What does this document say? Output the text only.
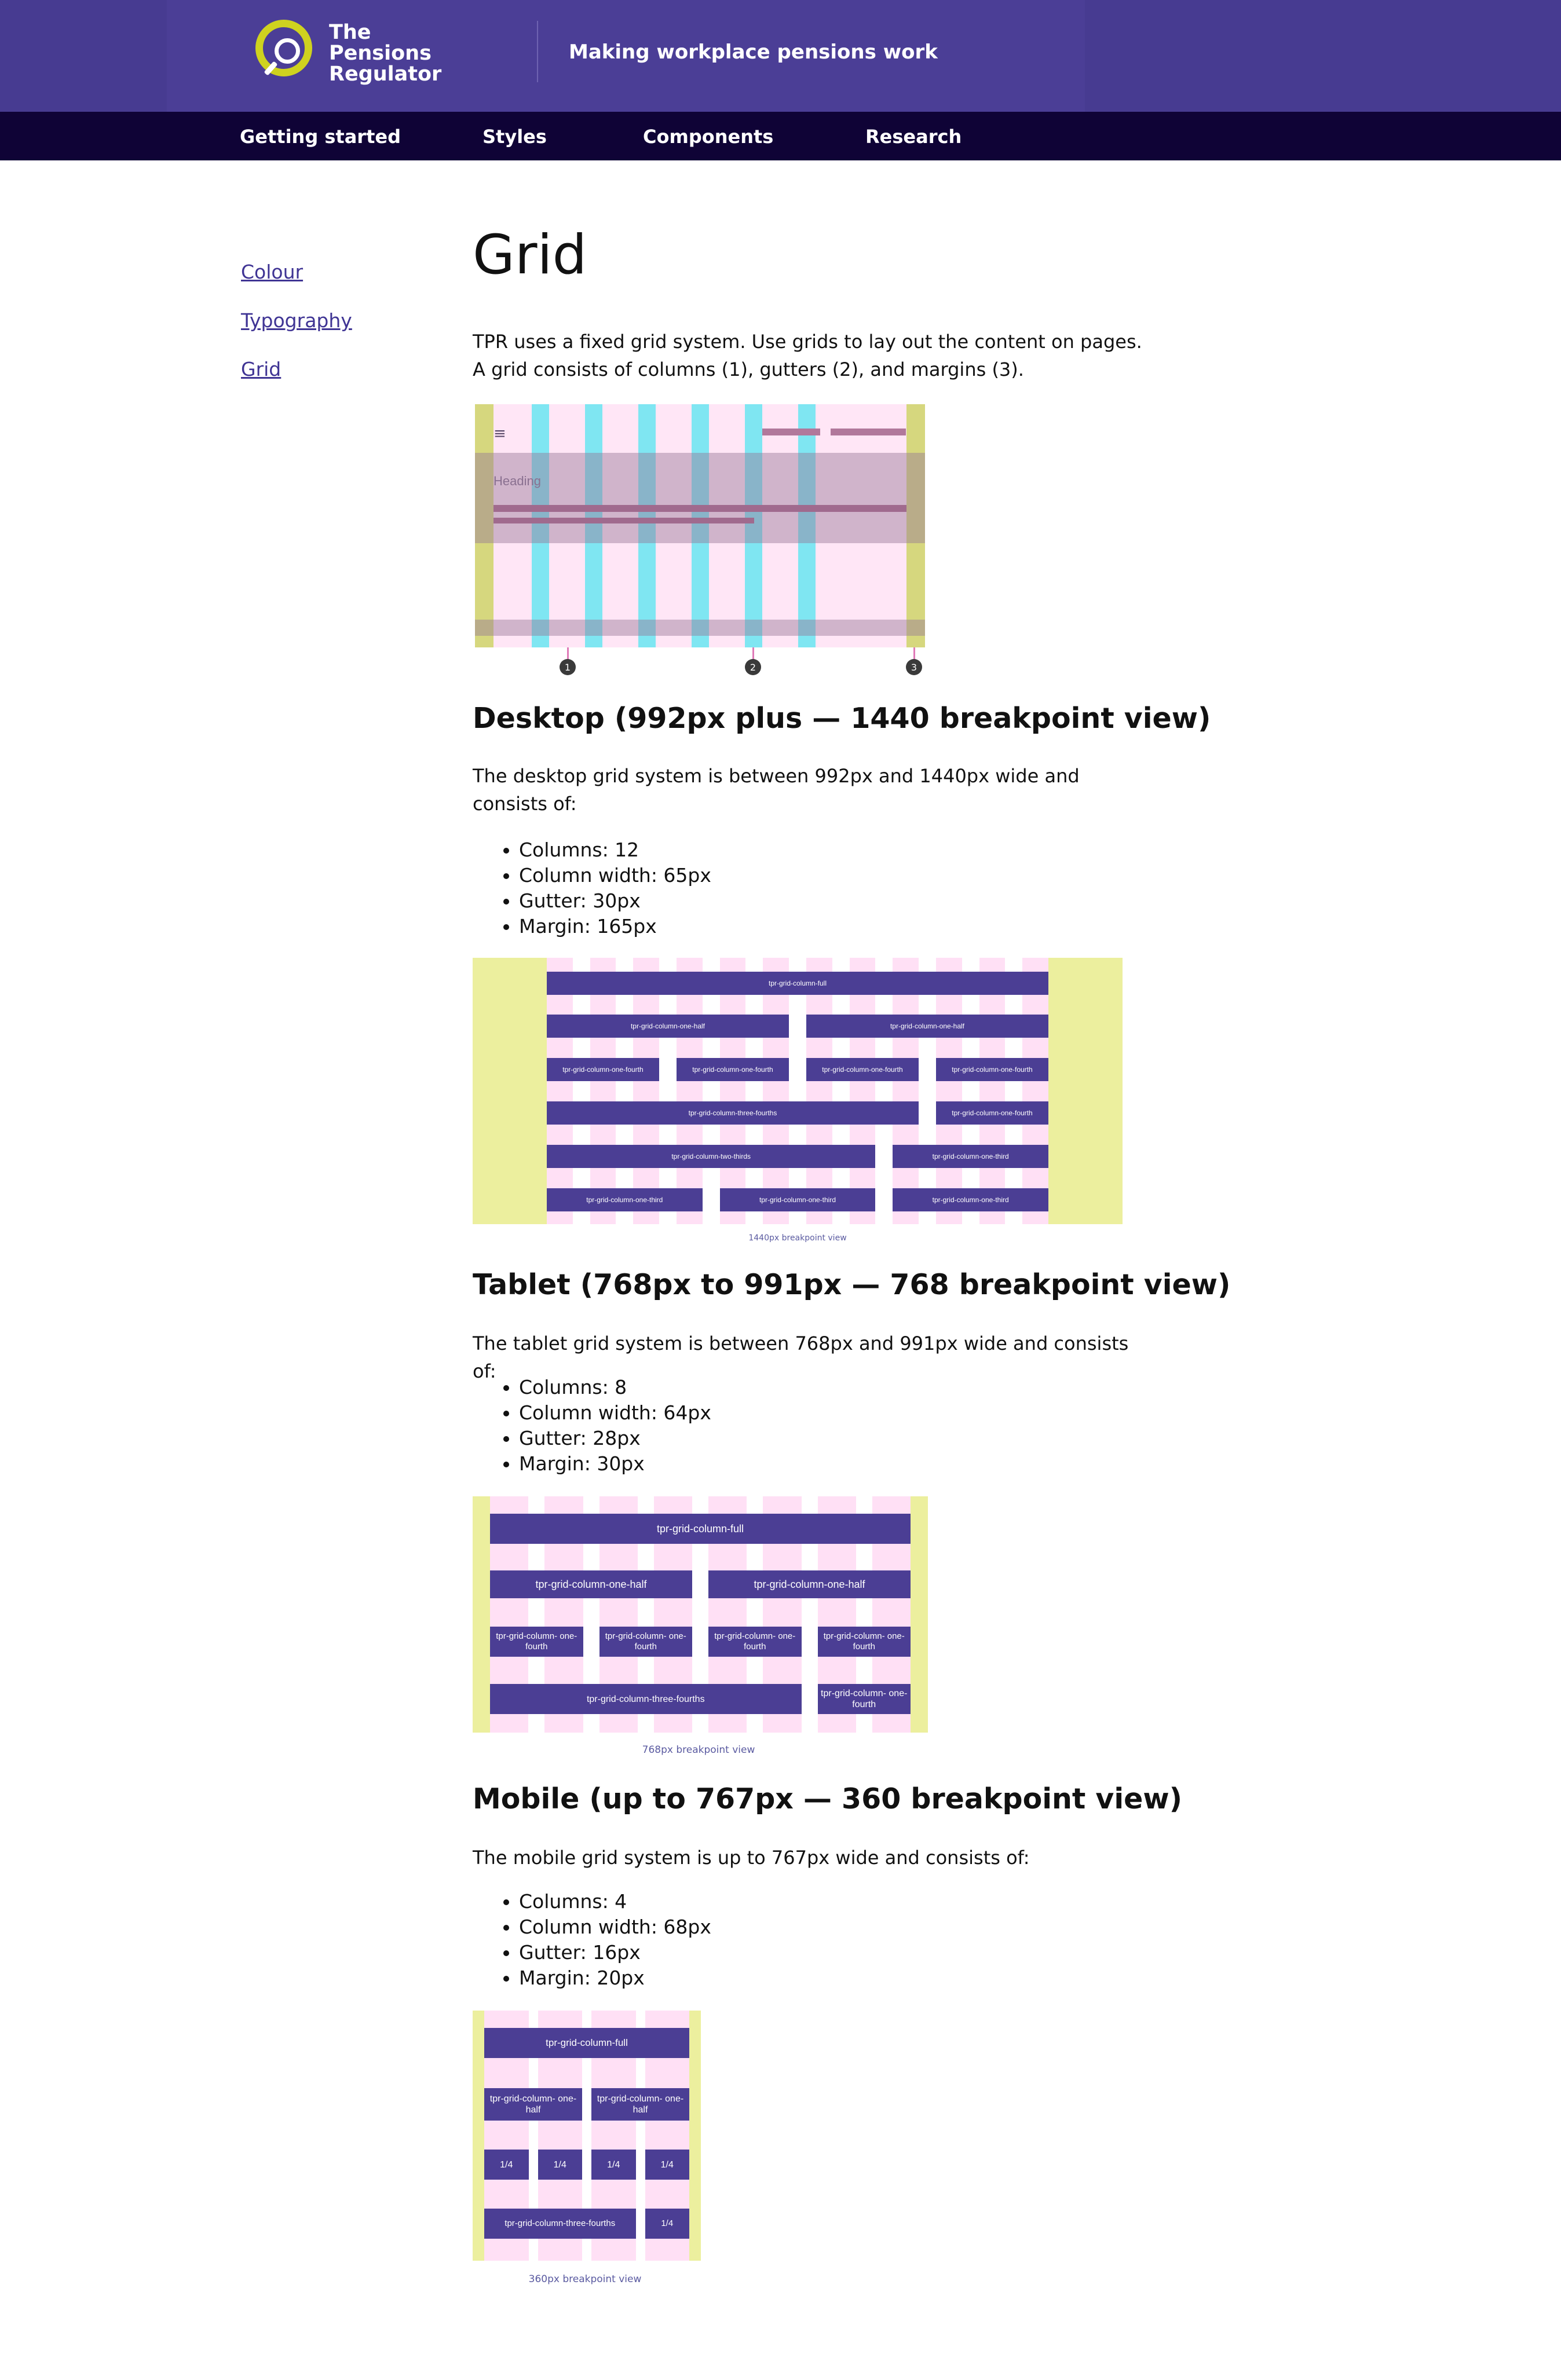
The
Pensions
Regulator
Making workplace pensions work
Getting started	Styles	Components	Research
Colour
Typography
Grid
Grid
TPR uses a fixed grid system. Use grids to lay out the content on pages. A grid consists of columns (1), gutters (2), and margins (3).
≡
Heading
1	2	3
Desktop (992px plus — 1440 breakpoint view)
The desktop grid system is between 992px and 1440px wide and consists of:
• Columns: 12
• Column width: 65px
• Gutter: 30px
• Margin: 165px
tpr-grid-column-full
tpr-grid-column-one-half	tpr-grid-column-one-half
tpr-grid-column-one-fourth	tpr-grid-column-one-fourth	tpr-grid-column-one-fourth	tpr-grid-column-one-fourth
tpr-grid-column-three-fourths	tpr-grid-column-one-fourth
tpr-grid-column-two-thirds	tpr-grid-column-one-third
tpr-grid-column-one-third	tpr-grid-column-one-third	tpr-grid-column-one-third
1440px breakpoint view
Tablet (768px to 991px — 768 breakpoint view)
The tablet grid system is between 768px and 991px wide and consists of:
• Columns: 8
• Column width: 64px
• Gutter: 28px
• Margin: 30px
tpr-grid-column-full
tpr-grid-column-one-half	tpr-grid-column-one-half
tpr-grid-column- one-fourth
tpr-grid-column- one-fourth
tpr-grid-column- one-fourth
tpr-grid-column- one-fourth
tpr-grid-column-three-fourths
tpr-grid-column- one-fourth
768px breakpoint view
Mobile (up to 767px — 360 breakpoint view)
The mobile grid system is up to 767px wide and consists of:
• Columns: 4
• Column width: 68px
• Gutter: 16px
• Margin: 20px
tpr-grid-column-full
tpr-grid-column- one-half
tpr-grid-column- one-half
1/4	1/4	1/4	1/4
tpr-grid-column-three-fourths	1/4
360px breakpoint view
